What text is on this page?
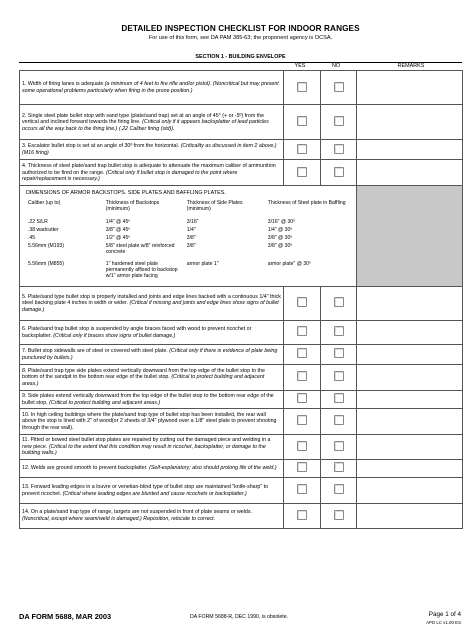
DETAILED INSPECTION CHECKLIST FOR INDOOR RANGES
For use of this form, see DA PAM 385-63; the proponent agency is OCSA.
SECTION 1 - BUILDING ENVELOPE
YES	NO	REMARKS
1. Width of firing lanes is adequate (a minimum of 4 feet to fire rifle and/or pistol). (Noncritical but may present some operational problems particularly when firing in the prone position.)			
2. Single steel plate bullet stop with sand type (plate/sand trap) set at an angle of 45° (+ or -5º) from the vertical and inclined forward towards the firing line. (Critical only if it appears backsplatter of lead particles occurs all the way back to the firing line.) (.22 Caliber firing (std)).			
3. Escalator bullet stop is set at an angle of 30º from the horizontal. (Criticality as discussed in item 2 above.) (M16 firing)			
4. Thickness of steel plate/sand trap bullet stop is adequate to attenuate the maximum caliber of ammunition authorized to be fired on the range. (Critical only if bullet stop is damaged to the point where repair/replacement is necessary.)			

DIMENSIONS OF ARMOR BACKSTOPS. SIDE PLATES AND BAFFLING PLATES.
Caliber (up to)	Thickness of Backstops (minimum)	Thickness of Side Plates (minimum)	Thickness of Steel plate in Baffling
.22 S/LR	1/4" @ 45º	3/16"	3/16" @ 30º
.38 wadcutter	3/8" @ 45º	1/4"	1/4" @ 30º
.45	1/2" @ 45º	3/8"	3/8" @ 30º
5.56mm (M193)	5/8" steel plate w/8" reinforced concrete	3/8"	3/8" @ 30º
5.56mm (M855)	1" hardened steel plate permanently affixed to backstop w/1" armor plate facing	armor plate 1"	armor plate" @ 30º

5. Plate/sand type bullet stop is properly installed and joints and edge lines backed with a continuous 1/4" thick steel backing plate 4 inches in width or wider. (Critical if missing and joints and edge lines show signs of bullet damage.)			
6. Plate/sand trap bullet stop is suspended by angle braces faced with wood to prevent ricochet or backsplatter. (Critical only if braces show signs of bullet damage.)			
7. Bullet stop sidewalls are of steel or covered with steel plate. (Critical only if there is evidence of plate being punctured by bullets.)			
8. Plate/sand trap type side plates extend vertically downward from the top edge of the bullet stop to the bottom of the sandpit to the bottom rear edge of the bullet stop. (Critical to protect building and adjacent areas.)			
9. Side plates extend vertically downward from the top edge of the bullet stop to the bottom rear edge of the bullet stop. (Critical to protect building and adjacent areas.)			
10. In high ceiling buildings where the plate/sand trap type of bullet stop has been installed, the rear wall above the stop is lined with 2" of wood(or 2 sheets of 3/4" plywood over a 1/8" steel plate to prevent shooting through the rear wall).			
11. Pitted or bowed steel bullet stop plates are repaired by cutting out the damaged piece and welding in a new piece. (Critical to the extent that this condition may result in ricochet, backsplatter, or damage to the building walls.)			
12. Welds are ground smooth to prevent backsplatter. (Self-explanatory; also should prolong life of the weld.)			
13. Forward leading edges in a louvre or venetian-blind type of bullet stop are maintained "knife-sharp" to prevent ricochet. (Critical where leading edges are blunted and cause ricochets or backsplatter.)			
14. On a plate/sand trap type of range, targets are not suspended in front of plate seams or welds. (Noncritical, except where seam/weld is damaged.) Reposition, relocate to correct.			
DA FORM 5688, MAR 2003	DA FORM 5688-R, DEC 1990, is obsolete.	Page 1 of 4
APD LC v1.00 ES
